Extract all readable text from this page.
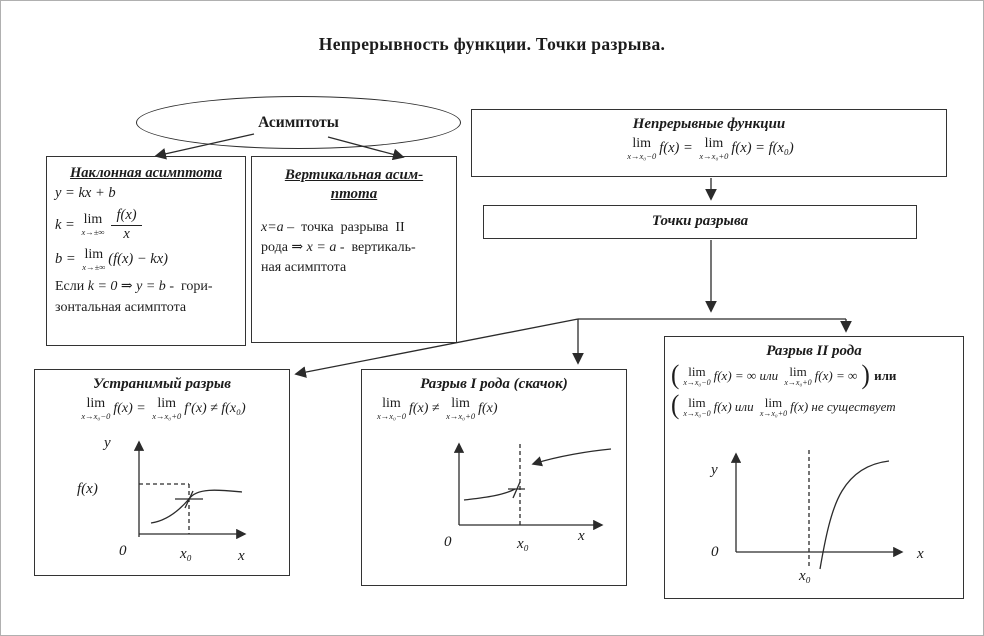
Непрерывность функции. Точки разрыва.
Асимптоты
Наклонная асимптота
y = kx + b
k = lim
$x\to\pm\infty \frac{f(x)}{x}$
b = lim
x→±∞ (f(x) − kx)
Если k = 0 ⇒ y = b -  гори-
зонтальная асимптота
Вертикальная асим-
птота
x=a –  точка  разрыва  II
рода ⇒ x = a -  вертикаль-
ная асимптота
Непрерывные функции
lim
x→x₀−0 f(x) = lim
x→x₀+0 f(x) = f(x₀)
Точки разрыва
Устранимый разрыв
lim
x→x₀−0
f(x) = lim
x→x₀+0
f′(x) ≠ f(x₀)
y
f(x)
0	x₀	x
Разрыв I рода (скачок)
lim
x→x₀−0
f(x) ≠ lim
x→x₀+0
f(x)
0	x₀	x
Разрыв II рода
( lim
x→x₀−0 f(x) = ∞ или lim
x→x₀+0 f(x) = ∞ ) или
( lim
x→x₀−0 f(x) или lim
x→x₀+0 f(x) не существует
y
0
x₀
x
